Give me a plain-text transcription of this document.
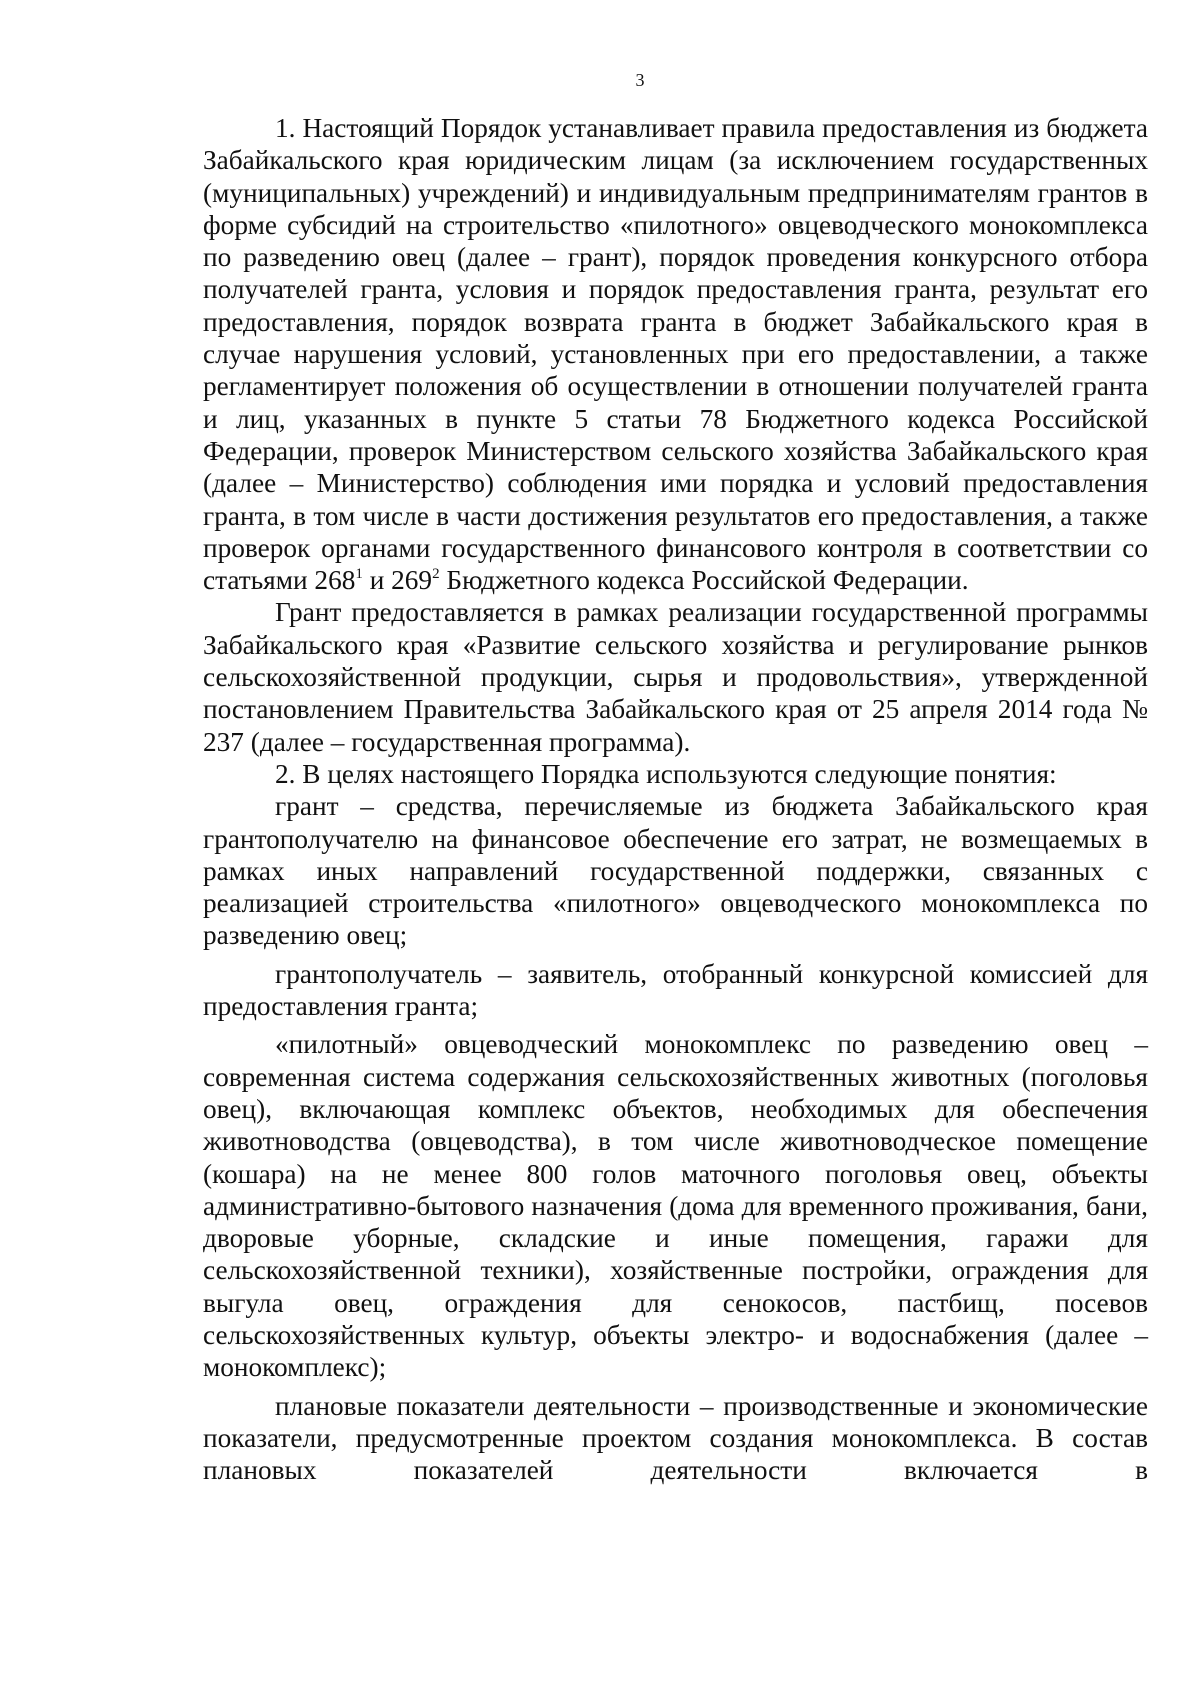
3

1. Настоящий Порядок устанавливает правила предоставления из бюджета Забайкальского края юридическим лицам (за исключением государственных (муниципальных) учреждений) и индивидуальным предпринимателям грантов в форме субсидий на строительство «пилотного» овцеводческого монокомплекса по разведению овец (далее – грант), порядок проведения конкурсного отбора получателей гранта, условия и порядок предоставления гранта, результат его предоставления, порядок возврата гранта в бюджет Забайкальского края в случае нарушения условий, установленных при его предоставлении, а также регламентирует положения об осуществлении в отношении получателей гранта и лиц, указанных в пункте 5 статьи 78 Бюджетного кодекса Российской Федерации, проверок Министерством сельского хозяйства Забайкальского края (далее – Министерство) соблюдения ими порядка и условий предоставления гранта, в том числе в части достижения результатов его предоставления, а также проверок органами государственного финансового контроля в соответствии со статьями $268^1$ и $269^2$ Бюджетного кодекса Российской Федерации.

Грант предоставляется в рамках реализации государственной программы Забайкальского края «Развитие сельского хозяйства и регулирование рынков сельскохозяйственной продукции, сырья и продовольствия», утвержденной постановлением Правительства Забайкальского края от 25 апреля 2014 года № 237 (далее – государственная программа).

2. В целях настоящего Порядка используются следующие понятия:

грант – средства, перечисляемые из бюджета Забайкальского края грантополучателю на финансовое обеспечение его затрат, не возмещаемых в рамках иных направлений государственной поддержки, связанных с реализацией строительства «пилотного» овцеводческого монокомплекса по разведению овец;

грантополучатель – заявитель, отобранный конкурсной комиссией для предоставления гранта;

«пилотный» овцеводческий монокомплекс по разведению овец – современная система содержания сельскохозяйственных животных (поголовья овец), включающая комплекс объектов, необходимых для обеспечения животноводства (овцеводства), в том числе животноводческое помещение (кошара) на не менее 800 голов маточного поголовья овец, объекты административно-бытового назначения (дома для временного проживания, бани, дворовые уборные, складские и иные помещения, гаражи для сельскохозяйственной техники), хозяйственные постройки, ограждения для выгула овец, ограждения для сенокосов, пастбищ, посевов сельскохозяйственных культур, объекты электро- и водоснабжения (далее – монокомплекс);

плановые показатели деятельности – производственные и экономические показатели, предусмотренные проектом создания монокомплекса. В состав плановых показателей деятельности включается в
